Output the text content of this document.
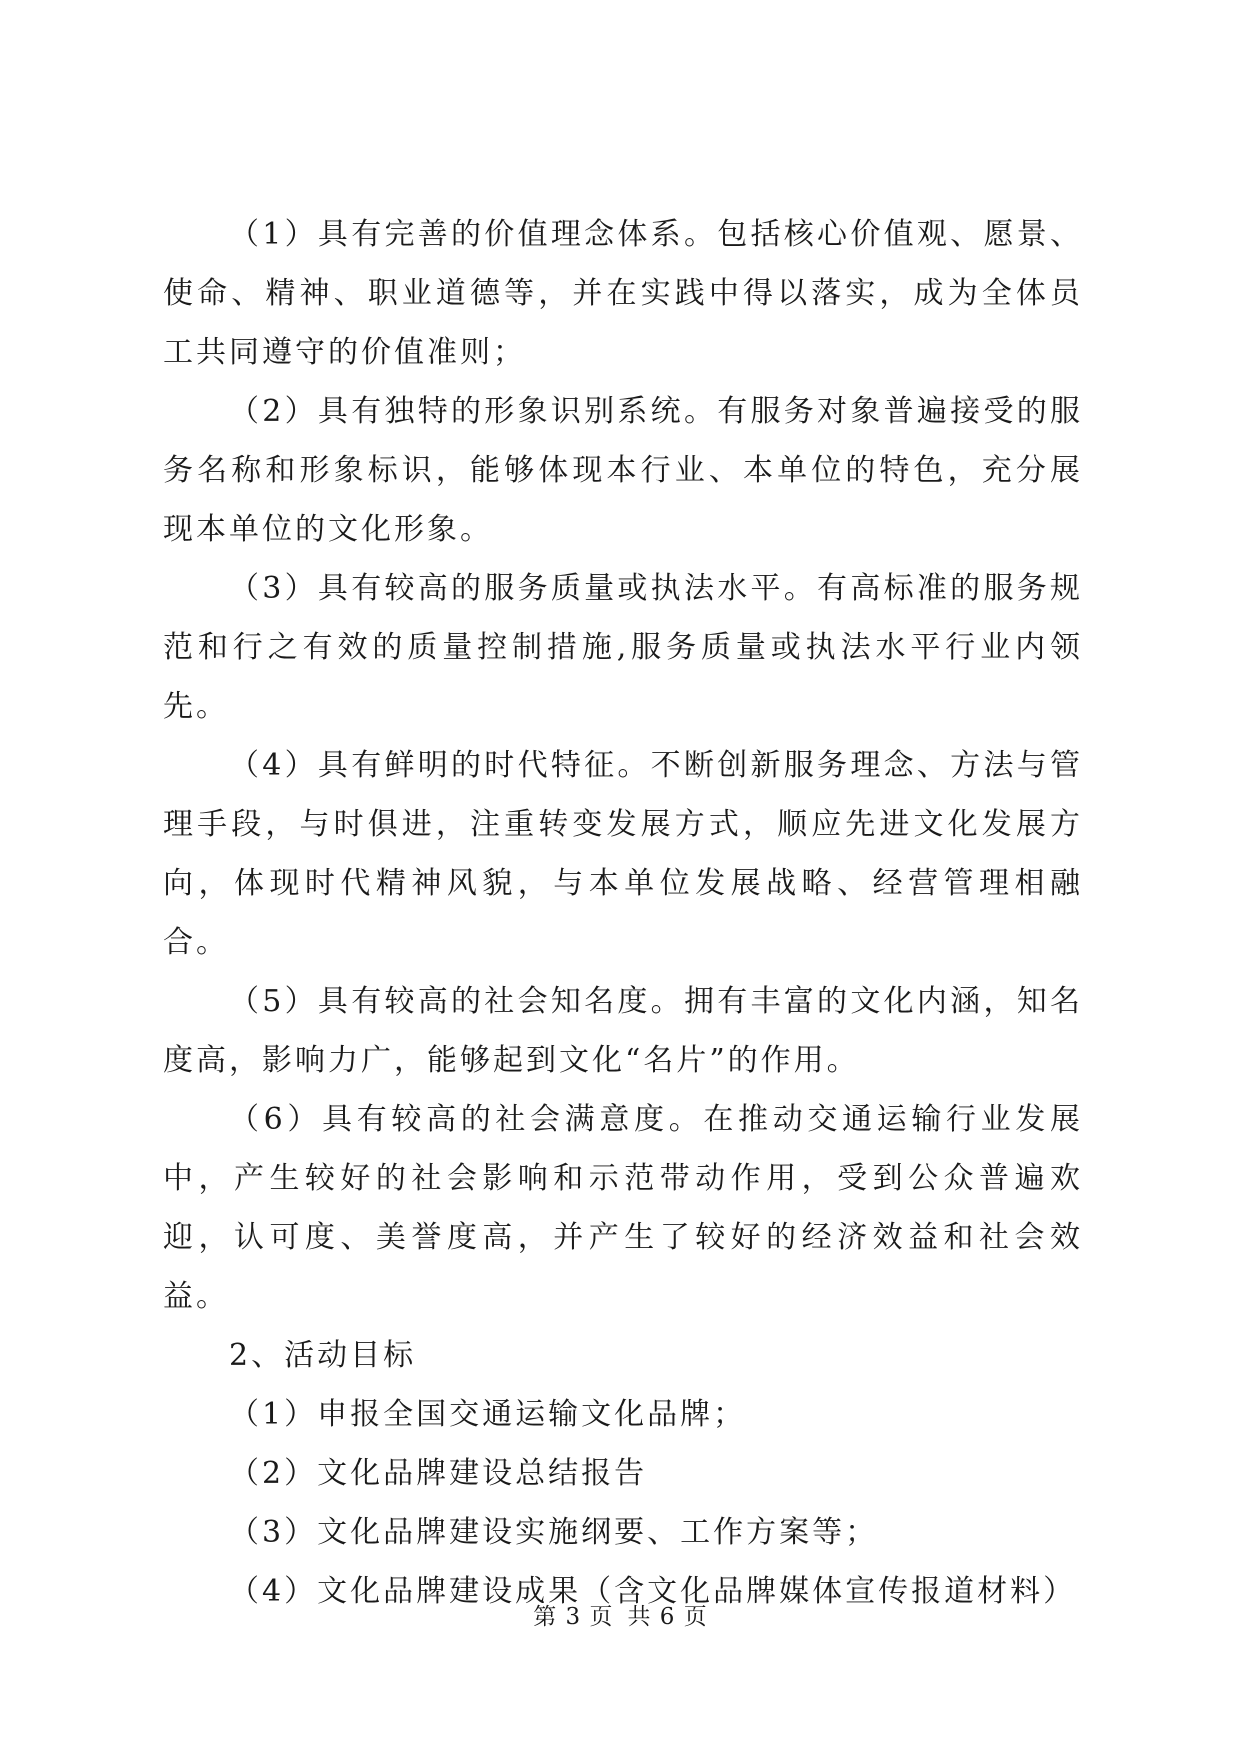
（1）具有完善的价值理念体系。包括核心价值观、愿景、使命、精神、职业道德等，并在实践中得以落实，成为全体员工共同遵守的价值准则；

（2）具有独特的形象识别系统。有服务对象普遍接受的服务名称和形象标识，能够体现本行业、本单位的特色，充分展现本单位的文化形象。

（3）具有较高的服务质量或执法水平。有高标准的服务规范和行之有效的质量控制措施,服务质量或执法水平行业内领先。

（4）具有鲜明的时代特征。不断创新服务理念、方法与管理手段，与时俱进，注重转变发展方式，顺应先进文化发展方向，体现时代精神风貌，与本单位发展战略、经营管理相融合。

（5）具有较高的社会知名度。拥有丰富的文化内涵，知名度高，影响力广，能够起到文化“名片”的作用。

（6）具有较高的社会满意度。在推动交通运输行业发展中，产生较好的社会影响和示范带动作用，受到公众普遍欢迎，认可度、美誉度高，并产生了较好的经济效益和社会效益。

2、活动目标

（1）申报全国交通运输文化品牌；

（2）文化品牌建设总结报告

（3）文化品牌建设实施纲要、工作方案等；

（4）文化品牌建设成果（含文化品牌媒体宣传报道材料）

第 3 页 共 6 页
